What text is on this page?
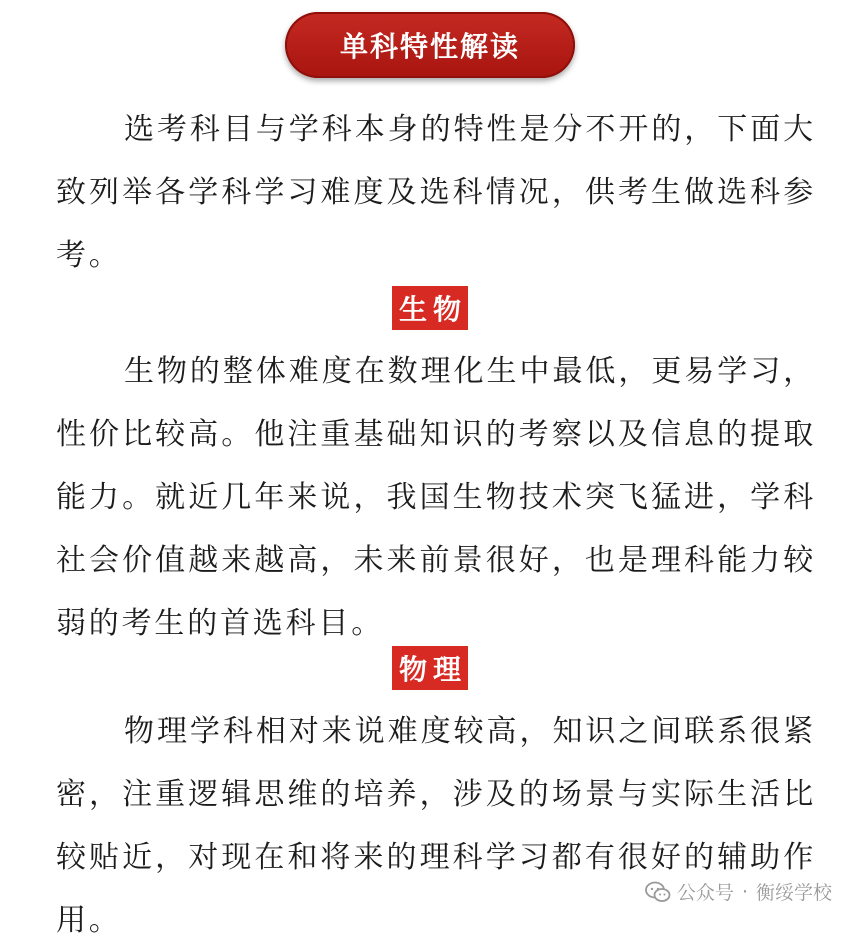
单科特性解读

选考科目与学科本身的特性是分不开的，下面大致列举各学科学习难度及选科情况，供考生做选科参考。

生物

生物的整体难度在数理化生中最低，更易学习，性价比较高。他注重基础知识的考察以及信息的提取能力。就近几年来说，我国生物技术突飞猛进，学科社会价值越来越高，未来前景很好，也是理科能力较弱的考生的首选科目。

物理

物理学科相对来说难度较高，知识之间联系很紧密，注重逻辑思维的培养，涉及的场景与实际生活比较贴近，对现在和将来的理科学习都有很好的辅助作用。

公众号 · 衡绥学校
